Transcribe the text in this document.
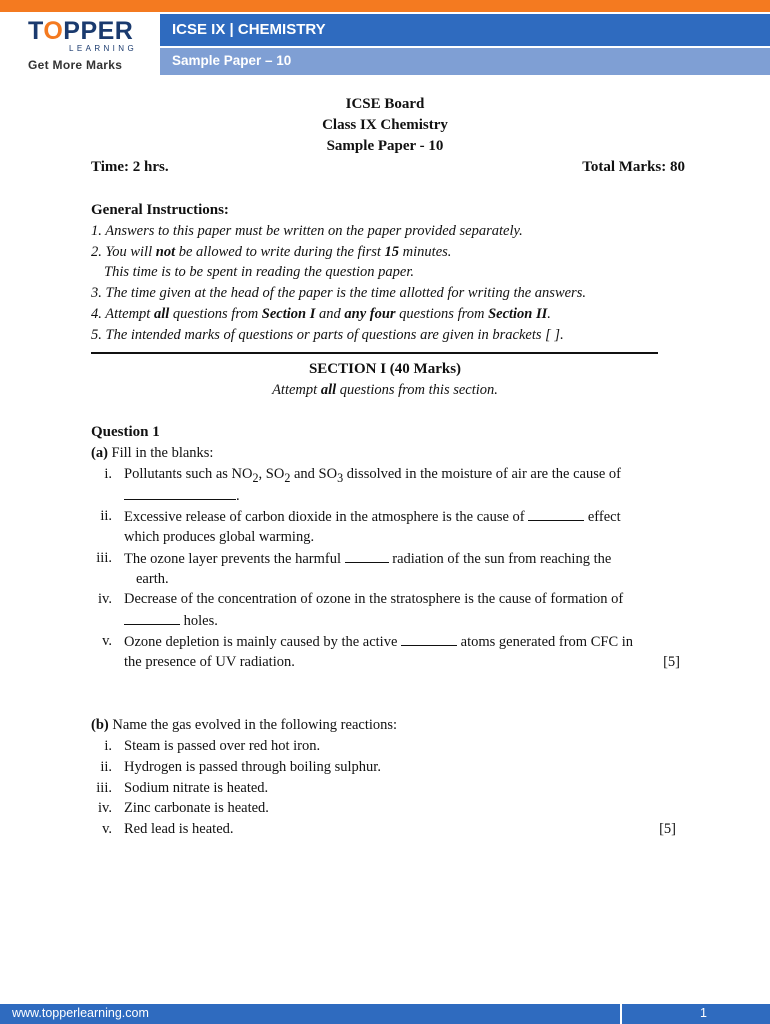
TOPPER
LEARNING
Get More Marks
ICSE IX | CHEMISTRY
Sample Paper – 10
ICSE Board
Class IX Chemistry
Sample Paper - 10
Time: 2 hrs.	Total Marks: 80
General Instructions:
1. Answers to this paper must be written on the paper provided separately.
2. You will not be allowed to write during the first 15 minutes.
This time is to be spent in reading the question paper.
3. The time given at the head of the paper is the time allotted for writing the answers.
4. Attempt all questions from Section I and any four questions from Section II.
5. The intended marks of questions or parts of questions are given in brackets [ ].
SECTION I (40 Marks)
Attempt all questions from this section.
Question 1
(a) Fill in the blanks:
i. Pollutants such as $NO_2$, $SO_2$ and $SO_3$ dissolved in the moisture of air are the cause of
.
ii. Excessive release of carbon dioxide in the atmosphere is the cause of	effect
which produces global warming.
iii. The ozone layer prevents the harmful	radiation of the sun from reaching the
earth.
iv. Decrease of the concentration of ozone in the stratosphere is the cause of formation of
holes.
v. Ozone depletion is mainly caused by the active	atoms generated from CFC in
the presence of UV radiation.	[5]
(b) Name the gas evolved in the following reactions:
i. Steam is passed over red hot iron.
ii. Hydrogen is passed through boiling sulphur.
iii. Sodium nitrate is heated.
iv. Zinc carbonate is heated.
v. Red lead is heated.	[5]
www.topperlearning.com	1
